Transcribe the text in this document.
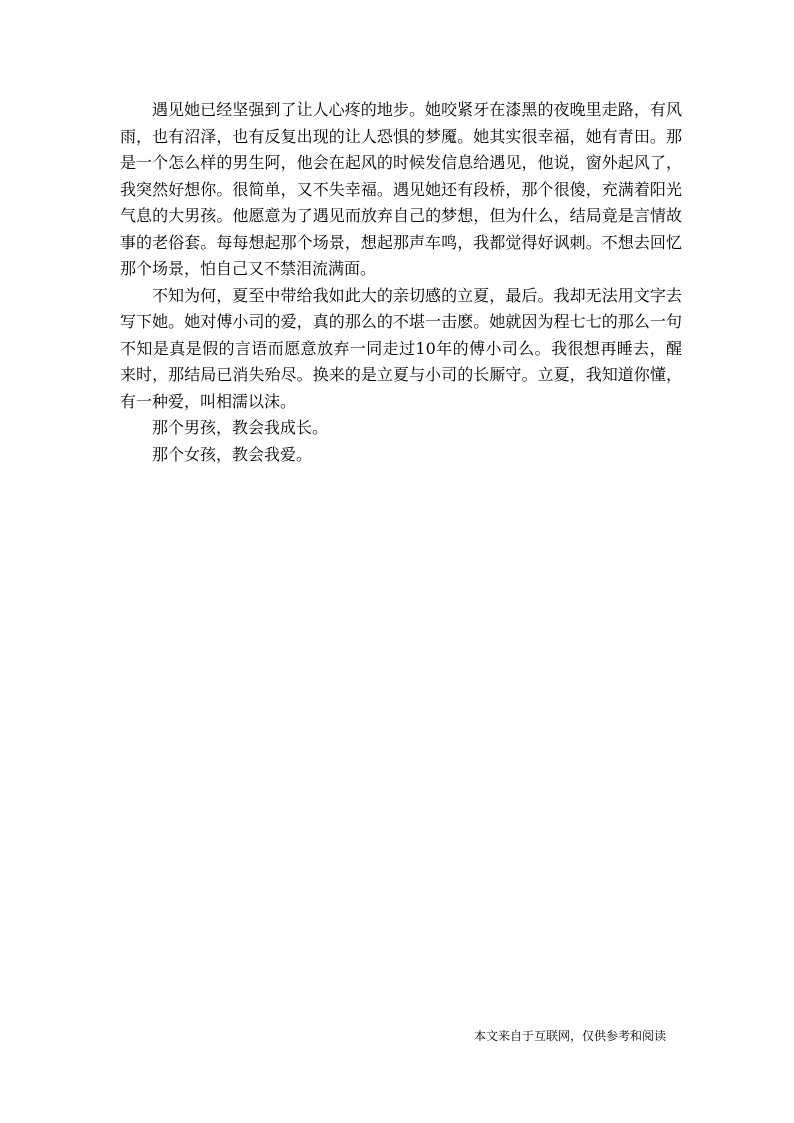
遇见她已经坚强到了让人心疼的地步。她咬紧牙在漆黑的夜晚里走路，有风雨，也有沼泽，也有反复出现的让人恐惧的梦魇。她其实很幸福，她有青田。那是一个怎么样的男生阿，他会在起风的时候发信息给遇见，他说，窗外起风了，我突然好想你。很简单，又不失幸福。遇见她还有段桥，那个很傻，充满着阳光气息的大男孩。他愿意为了遇见而放弃自己的梦想，但为什么，结局竟是言情故事的老俗套。每每想起那个场景，想起那声车鸣，我都觉得好讽刺。不想去回忆那个场景，怕自己又不禁泪流满面。

不知为何，夏至中带给我如此大的亲切感的立夏，最后。我却无法用文字去写下她。她对傅小司的爱，真的那么的不堪一击麽。她就因为程七七的那么一句不知是真是假的言语而愿意放弃一同走过10年的傅小司么。我很想再睡去，醒来时，那结局已消失殆尽。换来的是立夏与小司的长厮守。立夏，我知道你懂，有一种爱，叫相濡以沫。

那个男孩，教会我成长。

那个女孩，教会我爱。

本文来自于互联网，仅供参考和阅读
